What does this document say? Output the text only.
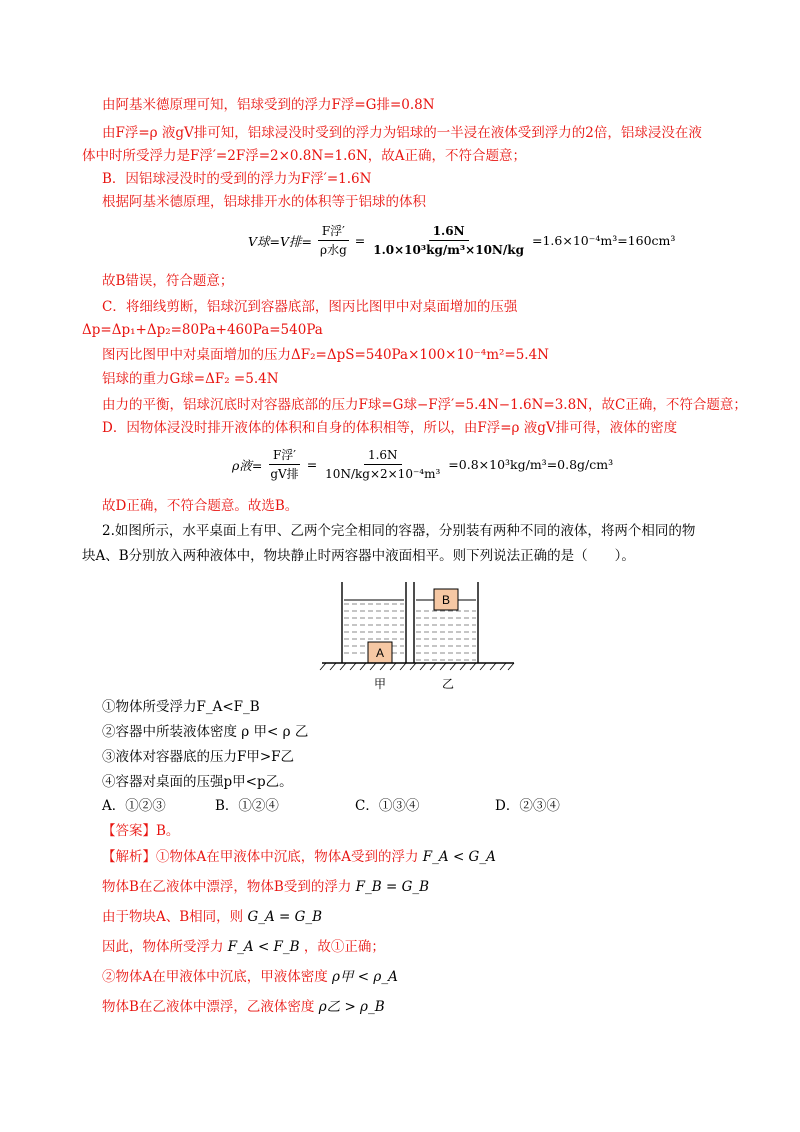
由阿基米德原理可知，铝球受到的浮力F浮=G排=0.8N
由F浮=ρ 液gV排可知，铝球浸没时受到的浮力为铝球的一半浸在液体受到浮力的2倍，铝球浸没在液
体中时所受浮力是F浮′=2F浮=2×0.8N=1.6N，故A正确，不符合题意；
B．因铝球浸没时的受到的浮力为F浮′=1.6N
根据阿基米德原理，铝球排开水的体积等于铝球的体积
V球=V排= $\frac{\text{F浮′}}{\text{ρ水g}} = \frac{1.6N}{\text{1.0×10³kg/m³×10N/kg}} =1.6\times 10^{-4}m^3=160cm^3$
故B错误，符合题意；
C．将细线剪断，铝球沉到容器底部，图丙比图甲中对桌面增加的压强
Δp=Δp₁+Δp₂=80Pa+460Pa=540Pa
图丙比图甲中对桌面增加的压力ΔF₂=ΔpS=540Pa×100×10⁻⁴m²=5.4N
铝球的重力G球=ΔF₂ =5.4N
由力的平衡，铝球沉底时对容器底部的压力F球=G球−F浮′=5.4N−1.6N=3.8N，故C正确，不符合题意；
D．因物体浸没时排开液体的体积和自身的体积相等，所以，由F浮=ρ 液gV排可得，液体的密度
ρ液= $\frac{\text{F浮′}}{\text{gV排}} = \frac{1.6N}{\text{10N/kg×2×10⁻⁴m³}} =0.8\times 10^3kg/m^3=0.8g/cm^3$
故D正确，不符合题意。故选B。
2.如图所示，水平桌面上有甲、乙两个完全相同的容器，分别装有两种不同的液体，将两个相同的物
块A、B分别放入两种液体中，物块静止时两容器中液面相平。则下列说法正确的是（　　）。
A
B
甲	乙
①物体所受浮力F_A<F_B
②容器中所装液体密度 ρ 甲< ρ 乙
③液体对容器底的压力F甲>F乙
④容器对桌面的压强p甲<p乙。
A．①②③	B．①②④	C．①③④	D．②③④
【答案】B。
【解析】①物体A在甲液体中沉底，物体A受到的浮力 F_A < G_A
物体B在乙液体中漂浮，物体B受到的浮力 F_B = G_B
由于物块A、B相同，则 G_A = G_B
因此，物体所受浮力 F_A < F_B ，故①正确；
②物体A在甲液体中沉底，甲液体密度 ρ甲 < ρ_A
物体B在乙液体中漂浮，乙液体密度 ρ乙 > ρ_B
